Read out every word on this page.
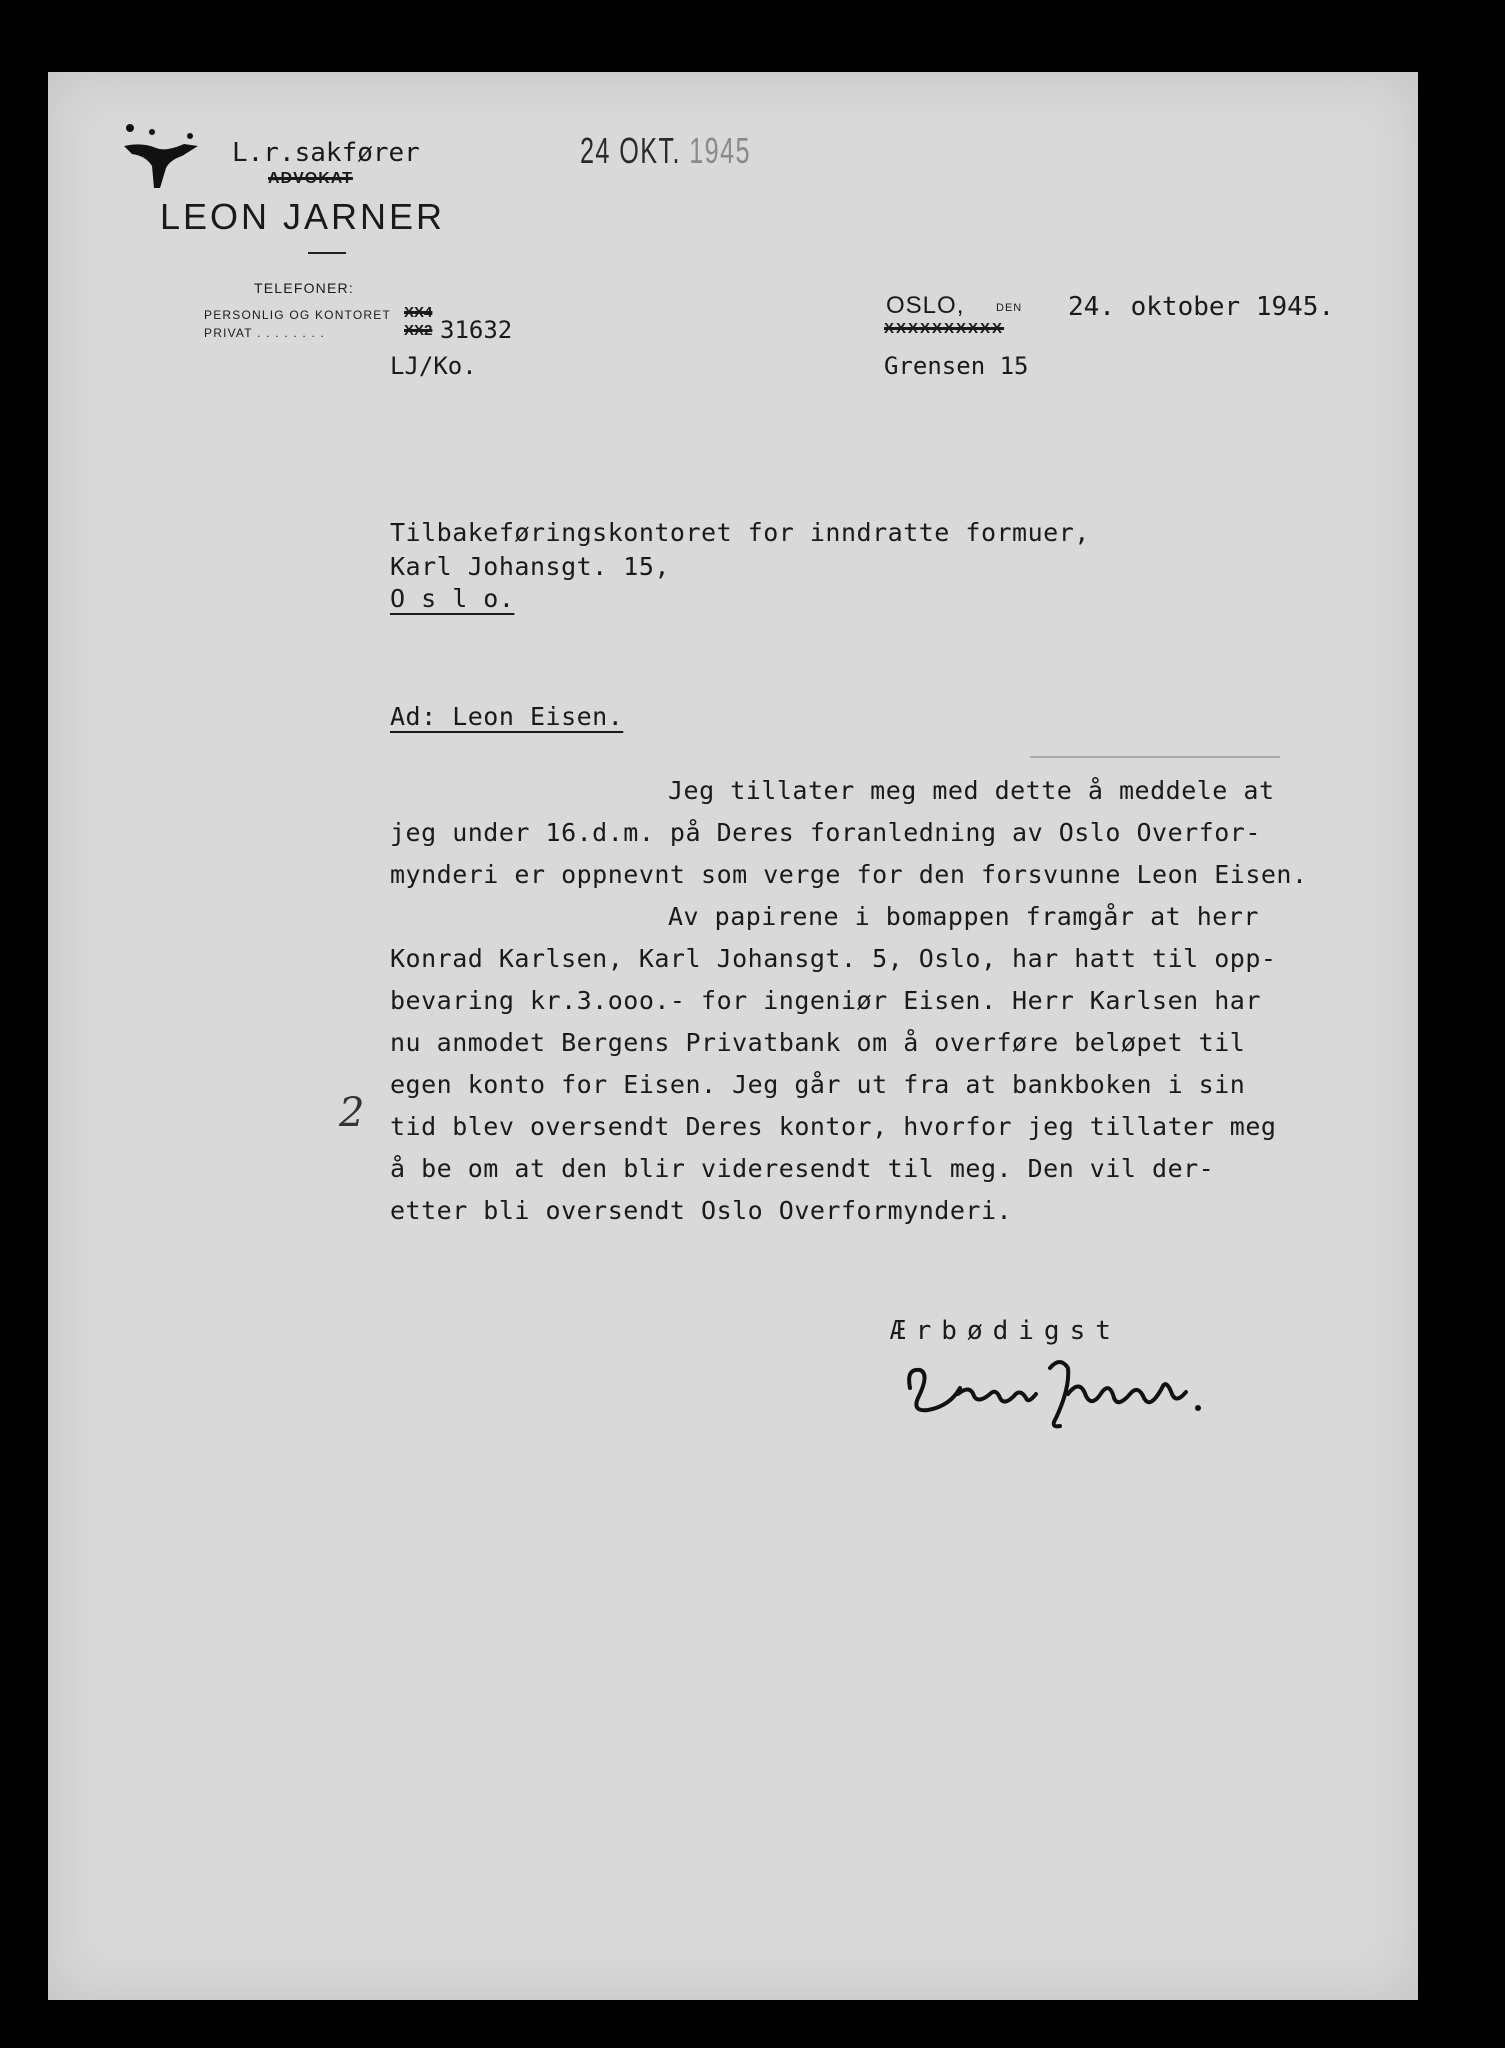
L.r.sakfører
ADVOKAT
LEON JARNER
TELEFONER:
PERSONLIG OG KONTORET XX4
PRIVAT . . . . . . . .	XX2 31632
LJ/Ko.
24 OKT. 1945
OSLO,	DEN 24. oktober 1945.
XXXXXXXXXX
Grensen 15
Tilbakeføringskontoret for inndratte formuer,
Karl Johansgt. 15,
O s l o.
Ad: Leon Eisen.
Jeg tillater meg med dette å meddele at
jeg under 16.d.m. på Deres foranledning av Oslo Overfor-
mynderi er oppnevnt som verge for den forsvunne Leon Eisen.
Av papirene i bomappen framgår at herr
Konrad Karlsen, Karl Johansgt. 5, Oslo, har hatt til opp-
bevaring kr.3.ooo.- for ingeniør Eisen. Herr Karlsen har
nu anmodet Bergens Privatbank om å overføre beløpet til
egen konto for Eisen. Jeg går ut fra at bankboken i sin
tid blev oversendt Deres kontor, hvorfor jeg tillater meg
å be om at den blir videresendt til meg. Den vil der-
etter bli oversendt Oslo Overformynderi.
2
Ærbødigst
